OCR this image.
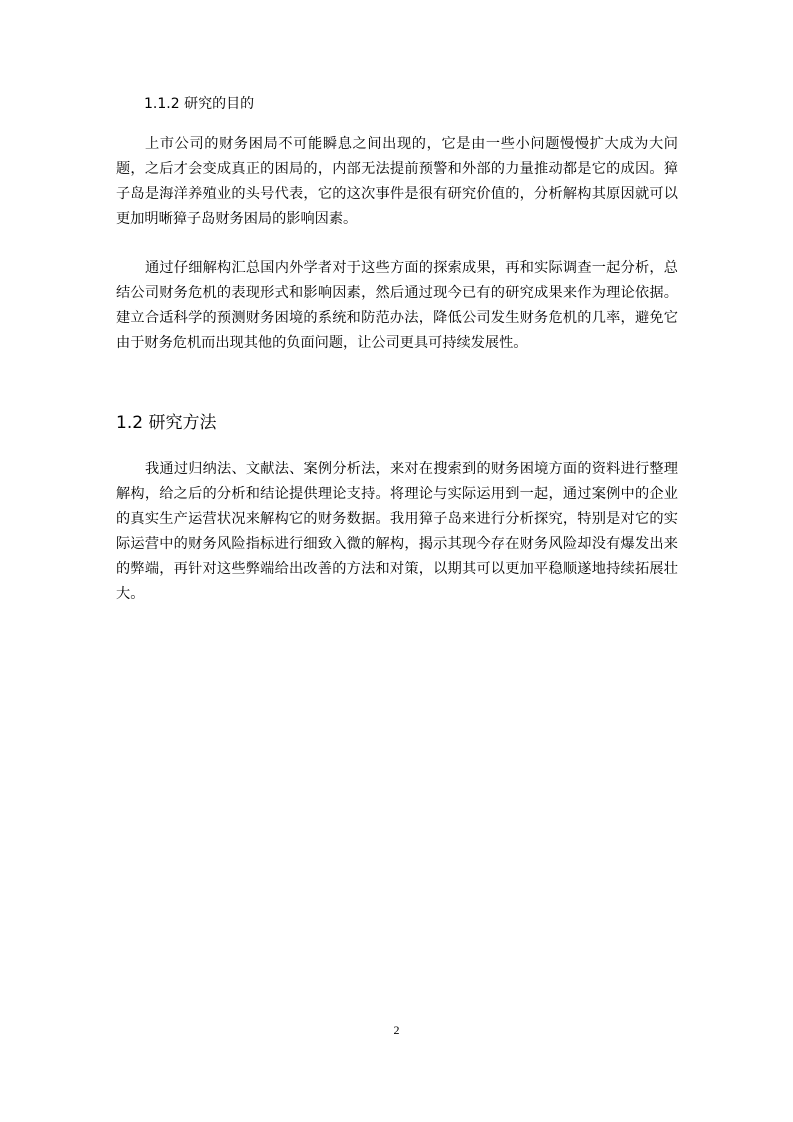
1.1.2 研究的目的

上市公司的财务困局不可能瞬息之间出现的，它是由一些小问题慢慢扩大成为大问题，之后才会变成真正的困局的，内部无法提前预警和外部的力量推动都是它的成因。獐子岛是海洋养殖业的头号代表，它的这次事件是很有研究价值的，分析解构其原因就可以更加明晰獐子岛财务困局的影响因素。

通过仔细解构汇总国内外学者对于这些方面的探索成果，再和实际调查一起分析，总结公司财务危机的表现形式和影响因素，然后通过现今已有的研究成果来作为理论依据。建立合适科学的预测财务困境的系统和防范办法，降低公司发生财务危机的几率，避免它由于财务危机而出现其他的负面问题，让公司更具可持续发展性。

1.2 研究方法

我通过归纳法、文献法、案例分析法，来对在搜索到的财务困境方面的资料进行整理解构，给之后的分析和结论提供理论支持。将理论与实际运用到一起，通过案例中的企业的真实生产运营状况来解构它的财务数据。我用獐子岛来进行分析探究，特别是对它的实际运营中的财务风险指标进行细致入微的解构，揭示其现今存在财务风险却没有爆发出来的弊端，再针对这些弊端给出改善的方法和对策，以期其可以更加平稳顺遂地持续拓展壮大。

2
